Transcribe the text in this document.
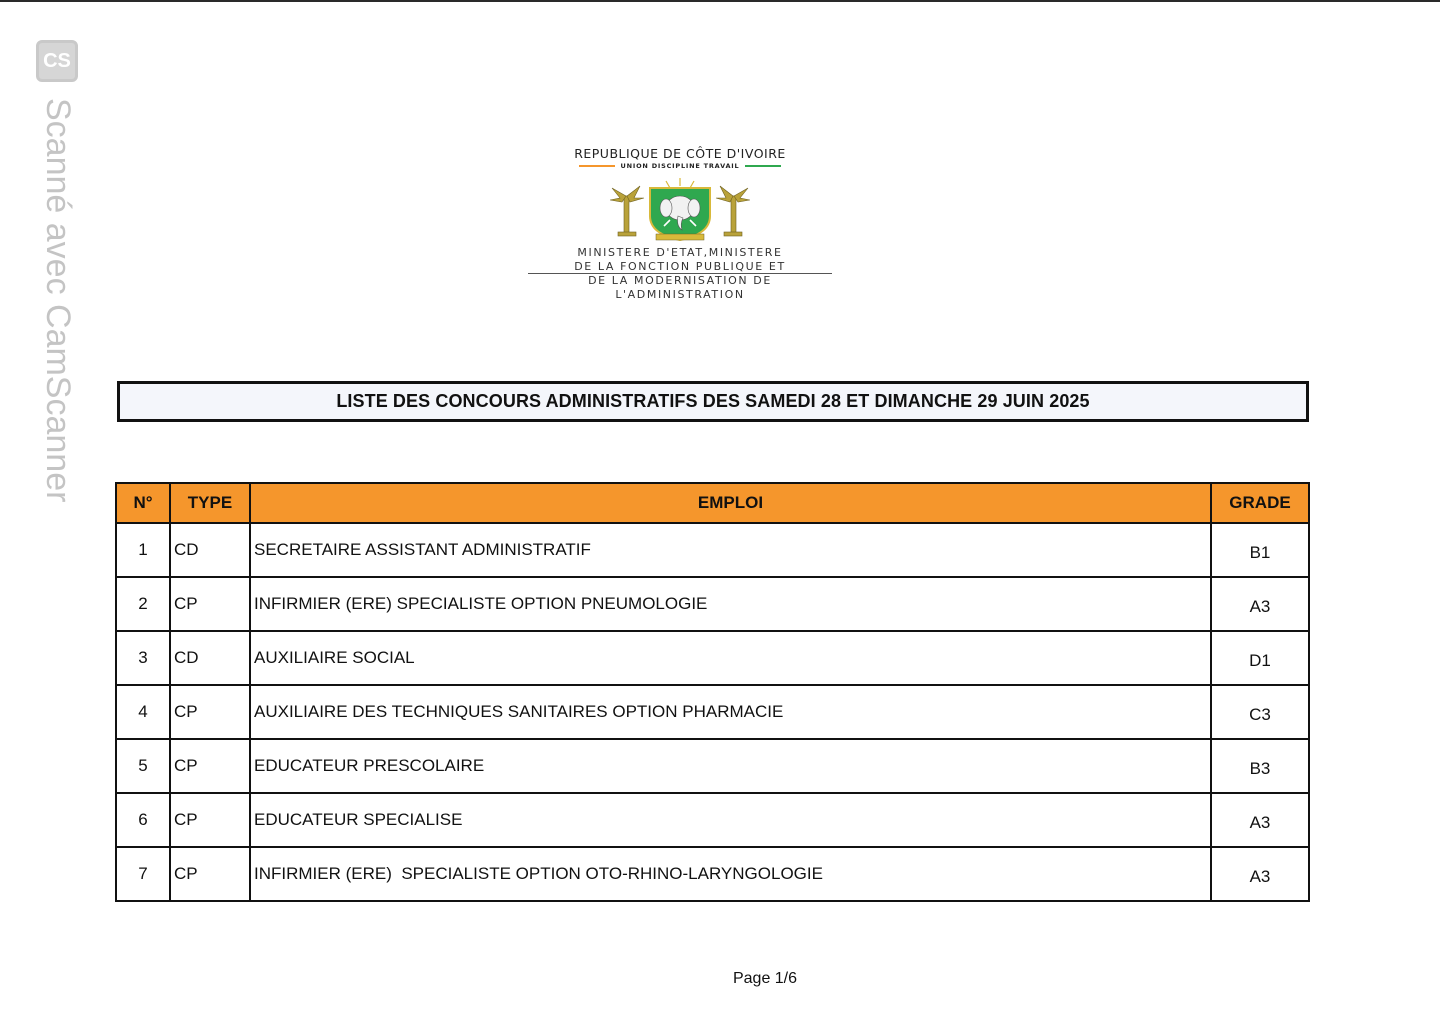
CS
Scanné avec CamScanner	REPUBLIQUE DE CÔTE D'IVOIRE
UNION DISCIPLINE TRAVAIL
MINISTERE D'ETAT,MINISTERE
DE LA FONCTION PUBLIQUE ET
DE LA MODERNISATION DE
L'ADMINISTRATION
LISTE DES CONCOURS ADMINISTRATIFS DES SAMEDI 28 ET DIMANCHE 29 JUIN 2025
N°	TYPE	EMPLOI	GRADE
1	CD	SECRETAIRE ASSISTANT ADMINISTRATIF	B1
2	CP	INFIRMIER (ERE) SPECIALISTE OPTION PNEUMOLOGIE	A3
3	CD	AUXILIAIRE SOCIAL	D1
4	CP	AUXILIAIRE DES TECHNIQUES SANITAIRES OPTION PHARMACIE	C3
5	CP	EDUCATEUR PRESCOLAIRE	B3
6	CP	EDUCATEUR SPECIALISE	A3
7	CP	INFIRMIER (ERE)  SPECIALISTE OPTION OTO-RHINO-LARYNGOLOGIE	A3
Page 1/6
